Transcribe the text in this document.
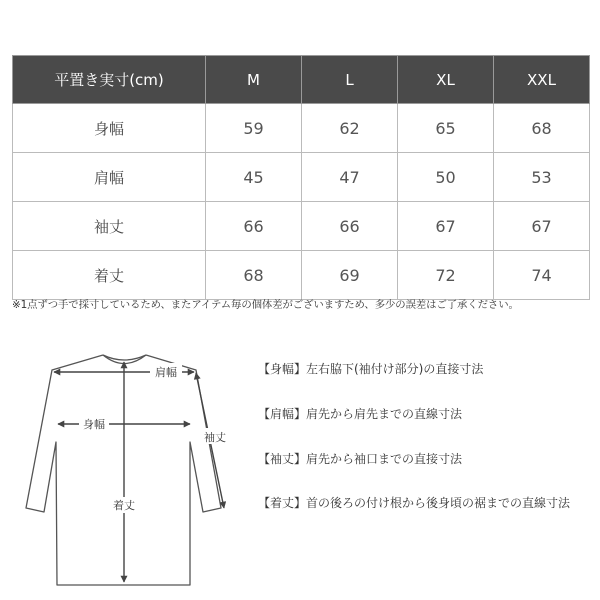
平置き実寸(cm)	M	L	XL	XXL
身幅	59	62	65	68
肩幅	45	47	50	53
袖丈	66	66	67	67
着丈	68	69	72	74
※1点ずつ手で採寸しているため、またアイテム毎の個体差がございますため、多少の誤差はご了承ください。
肩幅
身幅
着丈
袖丈
【身幅】左右脇下(袖付け部分)の直接寸法
【肩幅】肩先から肩先までの直線寸法
【袖丈】肩先から袖口までの直接寸法
【着丈】首の後ろの付け根から後身頃の裾までの直線寸法
